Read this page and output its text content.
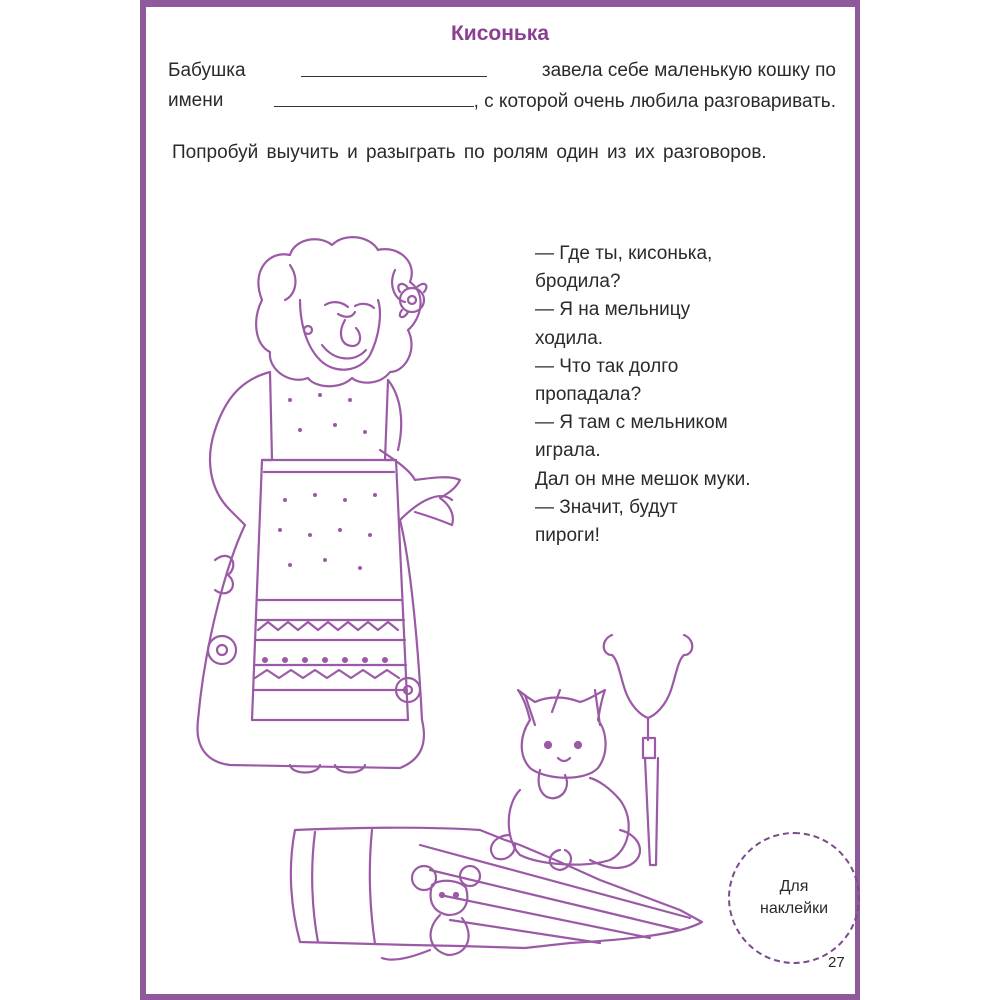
Кисонька
Бабушка	завела себе маленькую кошку по
имени	, с которой очень любила разговаривать.
Попробуй выучить и разыграть по ролям один из их разговоров.
— Где ты, кисонька,
бродила?
— Я на мельницу
ходила.
— Что так долго
пропадала?
— Я там с мельником
играла.
Дал он мне мешок муки.
— Значит, будут
пироги!
Для
наклейки
27
